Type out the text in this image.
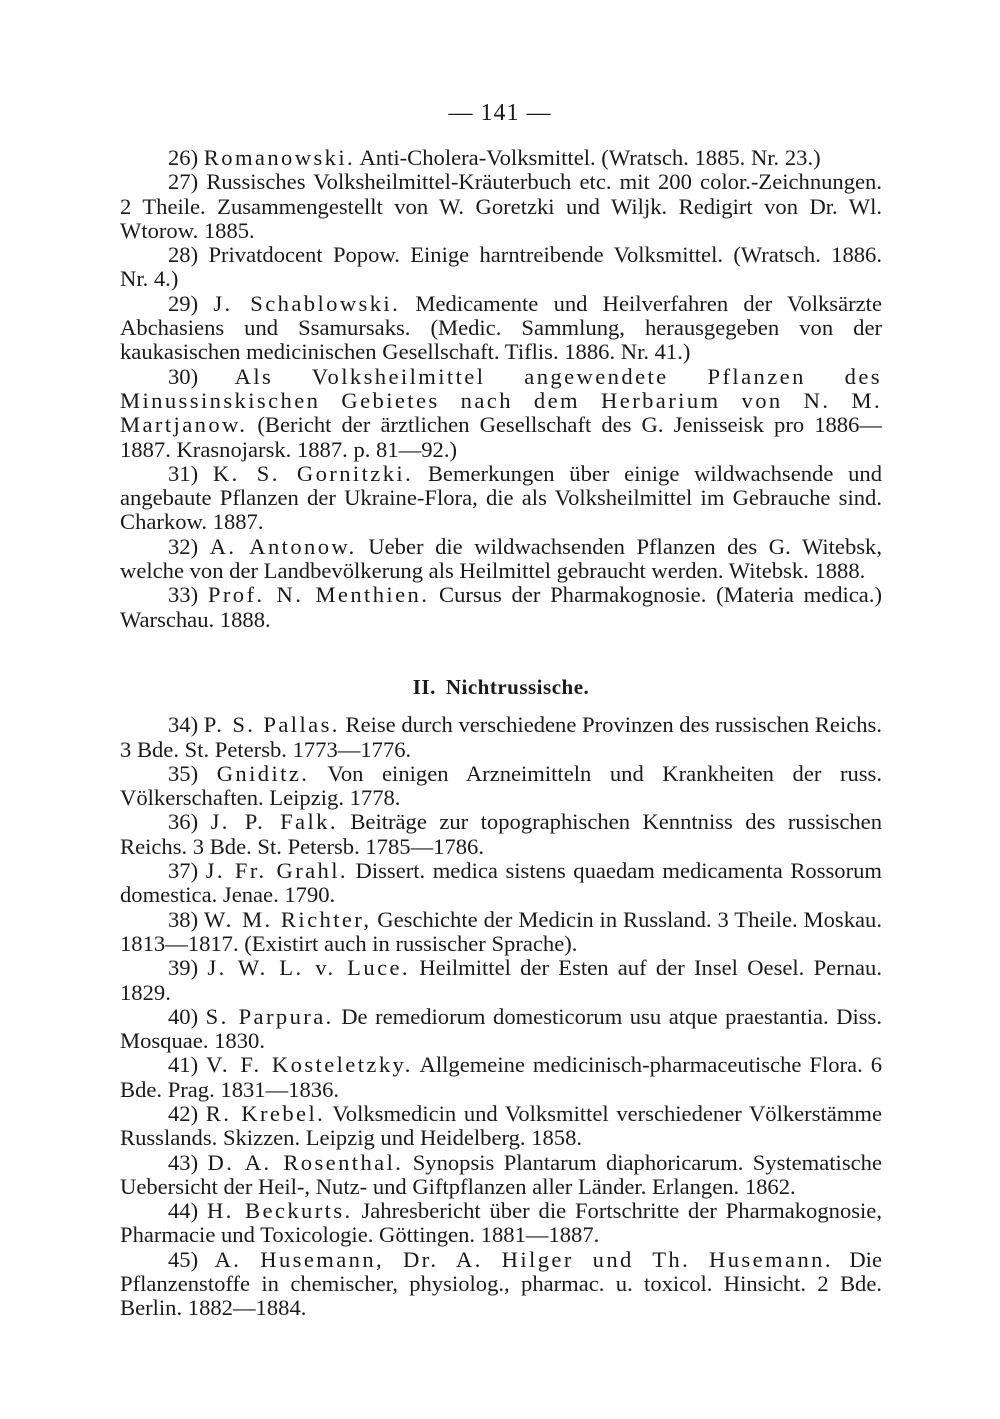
— 141 —

26) Romanowski. Anti-Cholera-Volksmittel. (Wratsch. 1885. Nr. 23.)

27) Russisches Volksheilmittel-Kräuterbuch etc. mit 200 color.-Zeichnungen. 2 Theile. Zusammengestellt von W. Goretzki und Wiljk. Redigirt von Dr. Wl. Wtorow. 1885.

28) Privatdocent Popow. Einige harntreibende Volksmittel. (Wratsch. 1886. Nr. 4.)

29) J. Schablowski. Medicamente und Heilverfahren der Volksärzte Abchasiens und Ssamursaks. (Medic. Sammlung, herausgegeben von der kaukasischen medicinischen Gesellschaft. Tiflis. 1886. Nr. 41.)

30) Als Volksheilmittel angewendete Pflanzen des Minussinskischen Gebietes nach dem Herbarium von N. M. Martjanow. (Bericht der ärztlichen Gesellschaft des G. Jenisseisk pro 1886—1887. Krasnojarsk. 1887. p. 81—92.)

31) K. S. Gornitzki. Bemerkungen über einige wildwachsende und angebaute Pflanzen der Ukraine-Flora, die als Volksheilmittel im Gebrauche sind. Charkow. 1887.

32) A. Antonow. Ueber die wildwachsenden Pflanzen des G. Witebsk, welche von der Landbevölkerung als Heilmittel gebraucht werden. Witebsk. 1888.

33) Prof. N. Menthien. Cursus der Pharmakognosie. (Materia medica.) Warschau. 1888.

II. Nichtrussische.

34) P. S. Pallas. Reise durch verschiedene Provinzen des russischen Reichs. 3 Bde. St. Petersb. 1773—1776.

35) Gniditz. Von einigen Arzneimitteln und Krankheiten der russ. Völkerschaften. Leipzig. 1778.

36) J. P. Falk. Beiträge zur topographischen Kenntniss des russischen Reichs. 3 Bde. St. Petersb. 1785—1786.

37) J. Fr. Grahl. Dissert. medica sistens quaedam medicamenta Rossorum domestica. Jenae. 1790.

38) W. M. Richter, Geschichte der Medicin in Russland. 3 Theile. Moskau. 1813—1817. (Existirt auch in russischer Sprache).

39) J. W. L. v. Luce. Heilmittel der Esten auf der Insel Oesel. Pernau. 1829.

40) S. Parpura. De remediorum domesticorum usu atque praestantia. Diss. Mosquae. 1830.

41) V. F. Kosteletzky. Allgemeine medicinisch-pharmaceutische Flora. 6 Bde. Prag. 1831—1836.

42) R. Krebel. Volksmedicin und Volksmittel verschiedener Völkerstämme Russlands. Skizzen. Leipzig und Heidelberg. 1858.

43) D. A. Rosenthal. Synopsis Plantarum diaphoricarum. Systematische Uebersicht der Heil-, Nutz- und Giftpflanzen aller Länder. Erlangen. 1862.

44) H. Beckurts. Jahresbericht über die Fortschritte der Pharmakognosie, Pharmacie und Toxicologie. Göttingen. 1881—1887.

45) A. Husemann, Dr. A. Hilger und Th. Husemann. Die Pflanzenstoffe in chemischer, physiolog., pharmac. u. toxicol. Hinsicht. 2 Bde. Berlin. 1882—1884.
